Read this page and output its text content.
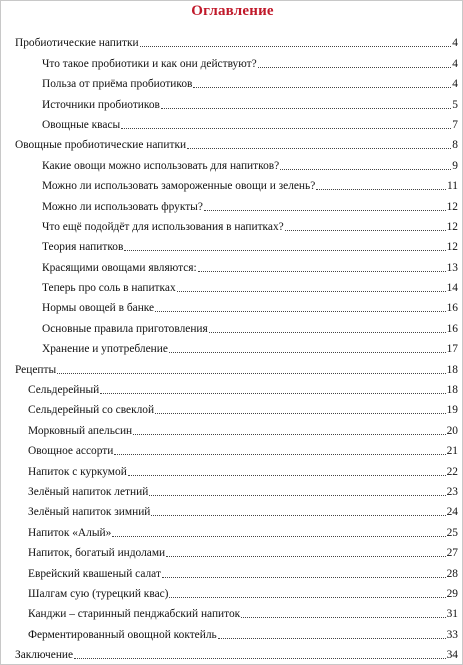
Оглавление
Пробиотические напитки	4
Что такое пробиотики и как они действуют?	4
Польза от приёма пробиотиков	4
Источники пробиотиков	5
Овощные квасы	7
Овощные пробиотические напитки	8
Какие овощи можно использовать для напитков?	9
Можно ли использовать замороженные овощи и зелень?	11
Можно ли использовать фрукты?	12
Что ещё подойдёт для использования в напитках?	12
Теория напитков	12
Красящими овощами являются:	13
Теперь про соль в напитках	14
Нормы овощей в банке	16
Основные правила приготовления	16
Хранение и употребление	17
Рецепты	18
Сельдерейный	18
Сельдерейный со свеклой	19
Морковный апельсин	20
Овощное ассорти	21
Напиток с куркумой	22
Зелёный напиток летний	23
Зелёный напиток зимний	24
Напиток «Алый»	25
Напиток, богатый индолами	27
Еврейский квашеный салат	28
Шалгам сую (турецкий квас)	29
Канджи – старинный пенджабский напиток	31
Ферментированный овощной коктейль	33
Заключение	34
